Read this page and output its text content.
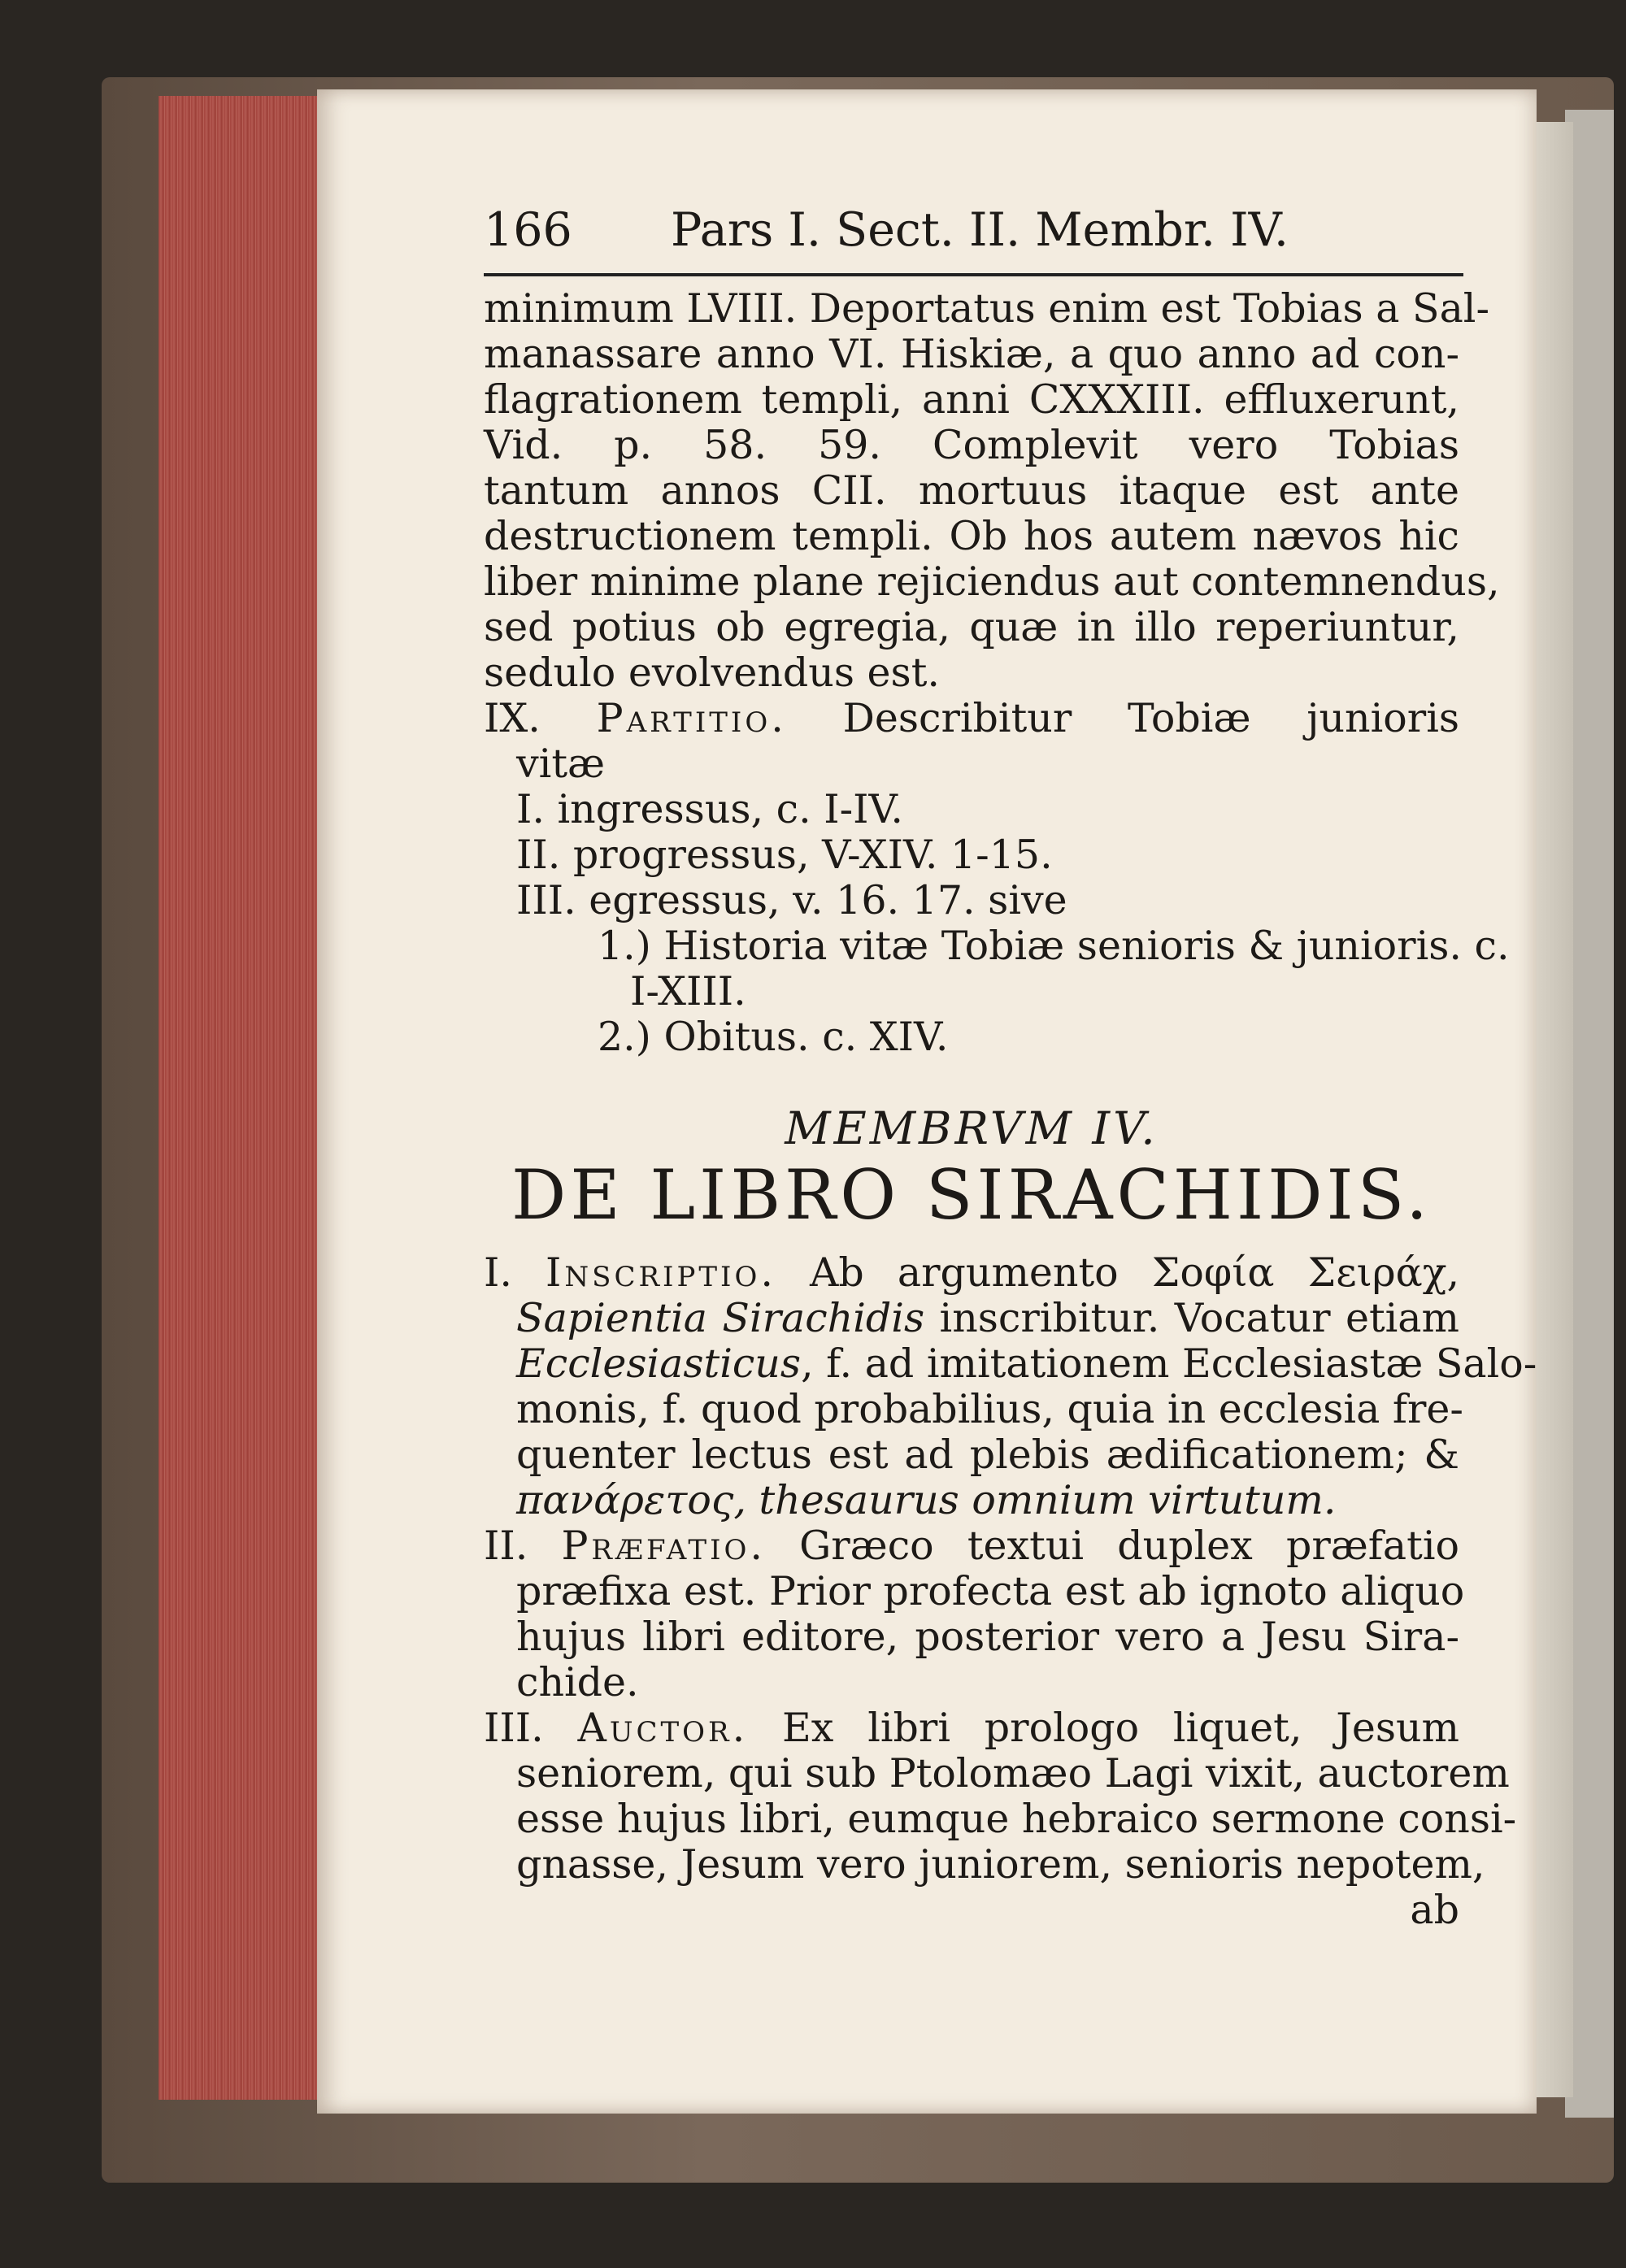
166	Pars I. Sect. II. Membr. IV.
minimum LVIII. Deportatus enim est Tobias a Sal-
manassare anno VI. Hiskiæ, a quo anno ad con-
flagrationem templi, anni CXXXIII. effluxerunt,
Vid. p. 58. 59. Complevit vero Tobias
tantum annos CII. mortuus itaque est ante
destructionem templi. Ob hos autem nævos hic
liber minime plane rejiciendus aut contemnendus,
sed potius ob egregia, quæ in illo reperiuntur,
sedulo evolvendus est.
IX. Partitio. Describitur Tobiæ junioris
vitæ
I. ingressus, c. I-IV.
II. progressus, V-XIV. 1-15.
III. egressus, v. 16. 17. sive
1.) Historia vitæ Tobiæ senioris & junioris. c.
I-XIII.
2.) Obitus. c. XIV.
MEMBRVM IV.
DE LIBRO SIRACHIDIS.
I. Inscriptio. Ab argumento Σοφία Σειράχ,
Sapientia Sirachidis inscribitur. Vocatur etiam
Ecclesiasticus, f. ad imitationem Ecclesiastæ Salo-
monis, f. quod probabilius, quia in ecclesia fre-
quenter lectus est ad plebis ædificationem; &
πανάρετος, thesaurus omnium virtutum.
II. Præfatio. Græco textui duplex præfatio
præfixa est. Prior profecta est ab ignoto aliquo
hujus libri editore, posterior vero a Jesu Sira-
chide.
III. Auctor. Ex libri prologo liquet, Jesum
seniorem, qui sub Ptolomæo Lagi vixit, auctorem
esse hujus libri, eumque hebraico sermone consi-
gnasse, Jesum vero juniorem, senioris nepotem,
ab
